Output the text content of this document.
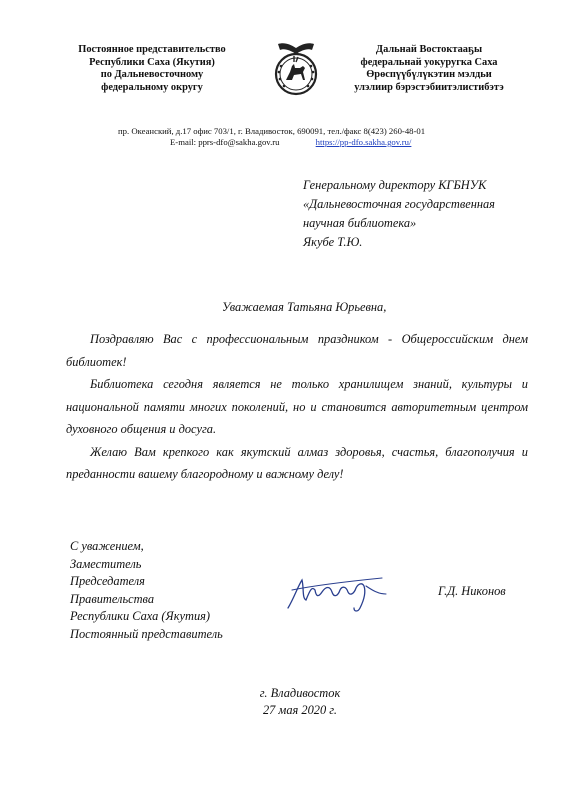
Постоянное представительство
Республики Саха (Якутия)
по Дальневосточному
федеральному округу
Дальнай Востоктааҕы
федеральнай уокуругка Саха
Өрөспүүбүлүкэтин мэлдьи
улэлиир бэрэстэбиитэлистибэтэ
пр. Океанский, д.17 офис 703/1, г. Владивосток, 690091, тел./факс 8(423) 260-48-01
E-mail: pprs-dfo@sakha.gov.ru	https://pp-dfo.sakha.gov.ru/
Генеральному директору КГБНУК
«Дальневосточная государственная
научная библиотека»
Якубе Т.Ю.
Уважаемая Татьяна Юрьевна,

Поздравляю Вас с профессиональным праздником - Общероссийским днем библиотек!

Библиотека сегодня является не только хранилищем знаний, культуры и национальной памяти многих поколений, но и становится авторитетным центром духовного общения и досуга.

Желаю Вам крепкого как якутский алмаз здоровья, счастья, благополучия и преданности вашему благородному и важному делу!

С уважением,
Заместитель
Председателя
Правительства
Республики Саха (Якутия)
Постоянный представитель
Г.Д. Никонов
г. Владивосток
27 мая 2020 г.
